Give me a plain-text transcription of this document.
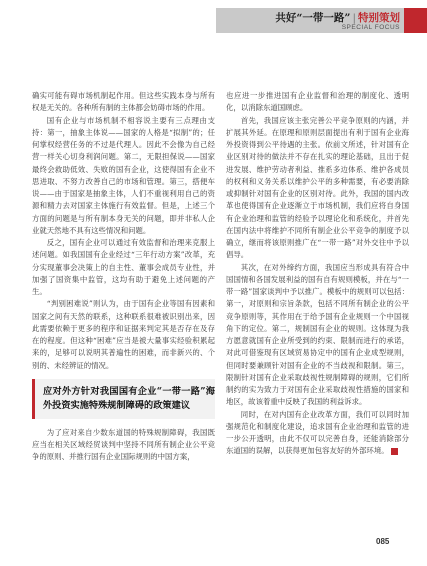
共好“一带一路” | 特别策划
SPECIAL FOCUS

确实可能有碍市场机制起作用。但这些实践本身与所有权是无关的。各种所有制的主体都会妨碍市场的作用。

国有企业与市场机制不相容说主要有三点理由支持：第一，抽象主体说——国家的人格是“拟制”的；任何掌权经营任务的不过是代理人。因此不会像为自己经营一样关心切身利润问题。第二，无限担保说——国家最终会救助低效、失败的国有企业，这使得国有企业不思进取、不努力改善自己的市场和管理。第三，搭便车说——由于国家是抽象主体，人们不重视利用自己的资源和精力去对国家主体施行有效监督。但是，上述三个方面的问题是与所有制本身无关的问题，即并非私人企业就天然地不具有这些情况和问题。

反之，国有企业可以通过有效监督和治理来克服上述问题。如我国国有企业经过“三年行动方案”改革，充分实现董事会决策上的自主性、董事会成员专业性，并加强了国资集中监管，这均有助于避免上述问题的产生。

“判别困难说”则认为，由于国有企业等国有因素和国家之间有天然的联系，这种联系很难被识别出来，因此需要依赖于更多的程序和证据来判定其是否存在及存在的程度。但这种“困难”应当是被大量事实经验积累起来的，足够可以说明其普遍性的困难，而非新兴的、个别的、未经辨证的情况。

应对外方针对我国国有企业“一带一路”海外投资实施特殊规制障碍的政策建议

为了应对来自少数东道国的特殊规制障碍，我国既应当在相关区域经贸谈判中坚持不同所有制企业公平竞争的原则、并推行国有企业国际规则的中国方案，

也应进一步推进国有企业监督和治理的制度化、透明化，以消除东道国顾虑。

首先，我国应该主张完善公平竞争原则的内涵，并扩展其外延。在原理和原则层面提出有利于国有企业海外投资得到公平待遇的主张。依前文所述，针对国有企业区别对待的做法并不存在扎实的理论基础，且出于促进发展、维护劳动者利益、推系多边体系、维护各成员的权利和义务关系以维护公平的多种需要，有必要消除或抑制针对国有企业的区别对待。此外，我国的国内改革也使得国有企业逐渐立于市场机制，我们应将自身国有企业治理和监管的经验予以理论化和系统化，并首先在国内法中将维护不同所有制企业公平竞争的制度予以确立，继而将该原则推广在“一带一路”对外交往中予以倡导。

其次，在对外缔约方面，我国应当形成具有符合中国国情和各国发展利益的国有自有规则模板，并在与“一带一路”国家谈判中予以推广。模板中的规则可以包括：第一，对原则和宗旨条款，包括不同所有制企业的公平竞争原则等，其作用在于给予国有企业规则一个中国视角下的定位。第二，规制国有企业的规则。这体现为我方愿意就国有企业所受到的约束、限制而进行的承诺，对此可借鉴现有区域贸易协定中的国有企业成型规则，但同时要兼顾针对国有企业的不当歧视和限制。第三，限制针对国有企业采取歧视性规制障碍的规则，它们所制约的实为致力于对国有企业采取歧视性措施的国家和地区，故该着重中反映了我国的利益诉求。

同时，在对内国有企业改革方面，我们可以同时加强规范化和制度化建设，追求国有企业治理和监管的进一步公开透明，由此不仅可以完善自身，还能消除部分东道国的误解，以获得更加包容友好的外部环境。

085
